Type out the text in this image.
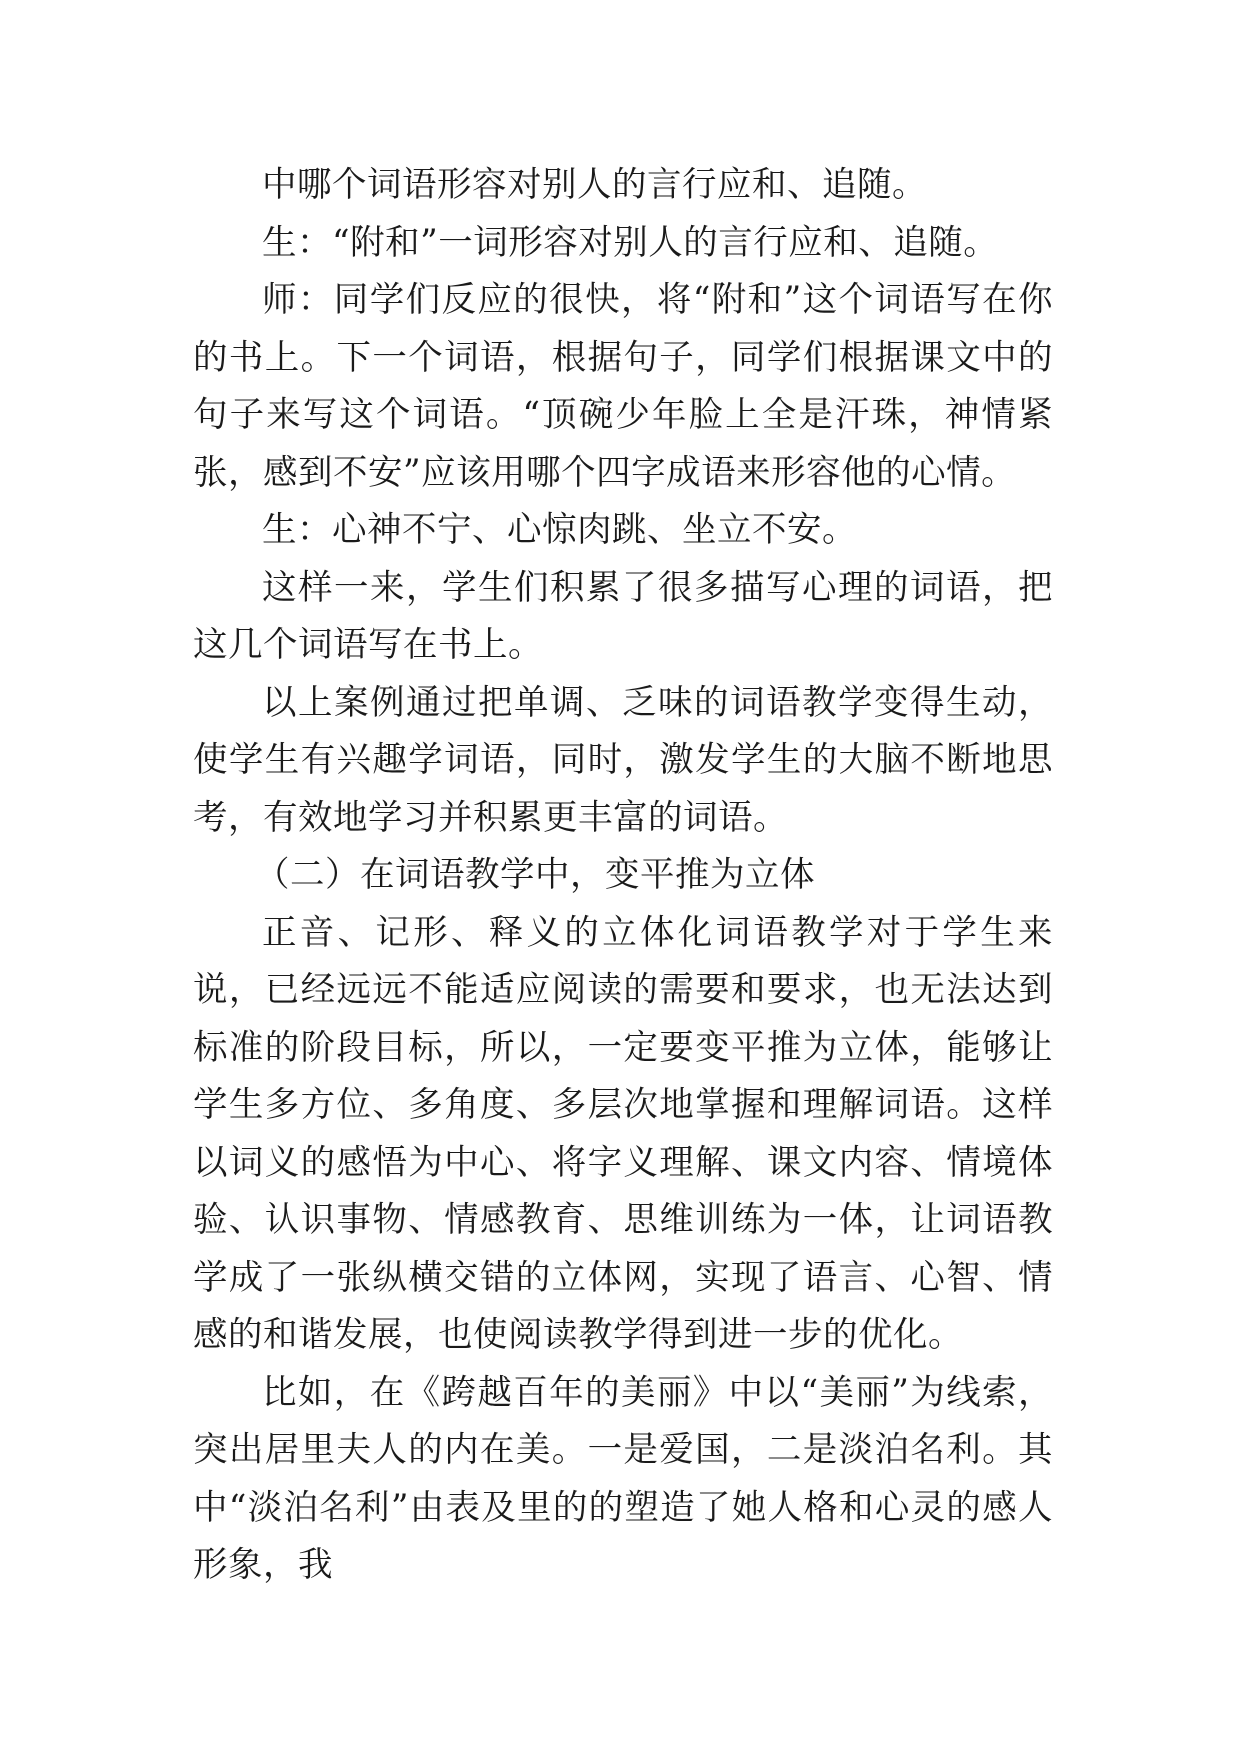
中哪个词语形容对别人的言行应和、追随。

生：“附和”一词形容对别人的言行应和、追随。

师：同学们反应的很快，将“附和”这个词语写在你的书上。下一个词语，根据句子，同学们根据课文中的句子来写这个词语。“顶碗少年脸上全是汗珠，神情紧张，感到不安”应该用哪个四字成语来形容他的心情。

生：心神不宁、心惊肉跳、坐立不安。

这样一来，学生们积累了很多描写心理的词语，把这几个词语写在书上。

以上案例通过把单调、乏味的词语教学变得生动，使学生有兴趣学词语，同时，激发学生的大脑不断地思考，有效地学习并积累更丰富的词语。

（二）在词语教学中，变平推为立体

正音、记形、释义的立体化词语教学对于学生来说，已经远远不能适应阅读的需要和要求，也无法达到标准的阶段目标，所以，一定要变平推为立体，能够让学生多方位、多角度、多层次地掌握和理解词语。这样以词义的感悟为中心、将字义理解、课文内容、情境体验、认识事物、情感教育、思维训练为一体，让词语教学成了一张纵横交错的立体网，实现了语言、心智、情感的和谐发展，也使阅读教学得到进一步的优化。

比如，在《跨越百年的美丽》中以“美丽”为线索，突出居里夫人的内在美。一是爱国，二是淡泊名利。其中“淡泊名利”由表及里的的塑造了她人格和心灵的感人形象，我
